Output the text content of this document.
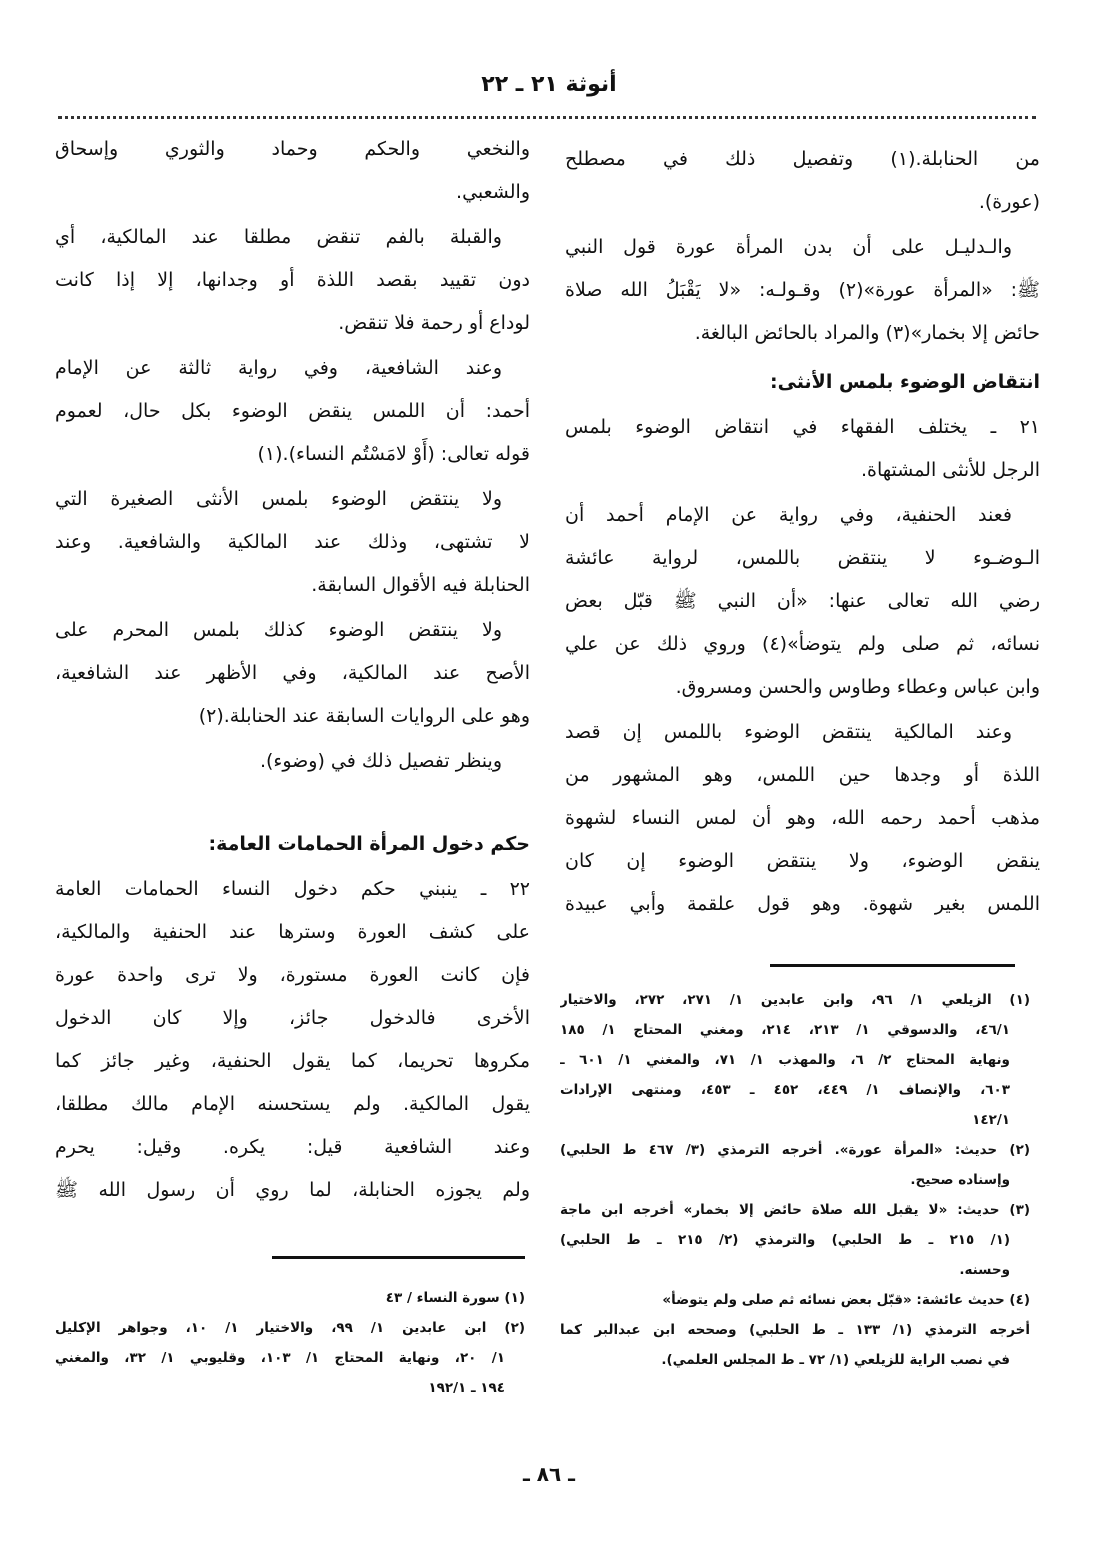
أنوثة ٢١ ـ ٢٢
من الحنابلة.(١) وتفصيل ذلك في مصطلح
(عورة).
والـدليـل على أن بدن المرأة عورة قول النبي
ﷺ: «المرأة عورة»(٢) وقـولـه: «لا يَقْبَلُ الله صلاة
حائض إلا بخمار»(٣) والمراد بالحائض البالغة.
انتقاض الوضوء بلمس الأنثى:
٢١ ـ يختلف الفقهاء في انتقاض الوضوء بلمس
الرجل للأنثى المشتهاة.
فعند الحنفية، وفي رواية عن الإمام أحمد أن
الـوضـوء لا ينتقض باللمس، لرواية عائشة
رضي الله تعالى عنها: «أن النبي ﷺ قبّل بعض
نسائه، ثم صلى ولم يتوضأ»(٤) وروي ذلك عن علي
وابن عباس وعطاء وطاوس والحسن ومسروق.
وعند المالكية ينتقض الوضوء باللمس إن قصد
اللذة أو وجدها حين اللمس، وهو المشهور من
مذهب أحمد رحمه الله، وهو أن لمس النساء لشهوة
ينقض الوضوء، ولا ينتقض الوضوء إن كان
اللمس بغير شهوة. وهو قول علقمة وأبي عبيدة
والنخعي والحكم وحماد والثوري وإسحاق
والشعبي.
والقبلة بالفم تنقض مطلقا عند المالكية، أي
دون تقييد بقصد اللذة أو وجدانها، إلا إذا كانت
لوداع أو رحمة فلا تنقض.
وعند الشافعية، وفي رواية ثالثة عن الإمام
أحمد: أن اللمس ينقض الوضوء بكل حال، لعموم
قوله تعالى: (أَوْ لامَسْتُم النساء).(١)
ولا ينتقض الوضوء بلمس الأنثى الصغيرة التي
لا تشتهى، وذلك عند المالكية والشافعية. وعند
الحنابلة فيه الأقوال السابقة.
ولا ينتقض الوضوء كذلك بلمس المحرم على
الأصح عند المالكية، وفي الأظهر عند الشافعية،
وهو على الروايات السابقة عند الحنابلة.(٢)
وينظر تفصيل ذلك في (وضوء).
حكم دخول المرأة الحمامات العامة:
٢٢ ـ ينبني حكم دخول النساء الحمامات العامة
على كشف العورة وسترها عند الحنفية والمالكية،
فإن كانت العورة مستورة، ولا ترى واحدة عورة
الأخرى فالدخول جائز، وإلا كان الدخول
مكروها تحريما، كما يقول الحنفية، وغير جائز كما
يقول المالكية. ولم يستحسنه الإمام مالك مطلقا،
وعند الشافعية قيل: يكره. وقيل: يحرم
ولم يجوزه الحنابلة، لما روي أن رسول الله ﷺ
(١) الزيلعي ١/ ٩٦، وابن عابدين ١/ ٢٧١، ٢٧٢، والاختيار
٤٦/١، والدسوقي ١/ ٢١٣، ٢١٤، ومغني المحتاج ١/ ١٨٥
ونهاية المحتاج ٢/ ٦، والمهذب ١/ ٧١، والمغني ١/ ٦٠١ ـ
٦٠٣، والإنصاف ١/ ٤٤٩، ٤٥٢ ـ ٤٥٣، ومنتهى الإرادات
١٤٢/١
(٢) حديث: «المرأة عورة». أخرجه الترمذي (٣/ ٤٦٧ ط الحلبي)
وإسناده صحيح.
(٣) حديث: «لا يقبل الله صلاة حائض إلا بخمار» أخرجه ابن ماجة
(١/ ٢١٥ ـ ط الحلبي) والترمذي (٢/ ٢١٥ ـ ط الحلبي)
وحسنه.
(٤) حديث عائشة: «قبّل بعض نسائه ثم صلى ولم يتوضأ»
أخرجه الترمذي (١/ ١٣٣ ـ ط الحلبي) وصححه ابن عبدالبر كما
في نصب الراية للزيلعي (١/ ٧٢ ـ ط المجلس العلمي).
(١) سورة النساء / ٤٣
(٢) ابن عابدين ١/ ٩٩، والاختيار ١/ ١٠، وجواهر الإكليل
١/ ٢٠، ونهاية المحتاج ١/ ١٠٣، وقليوبي ١/ ٣٢، والمغني
١٩٤ ـ ١٩٢/١
ـ ٨٦ ـ
